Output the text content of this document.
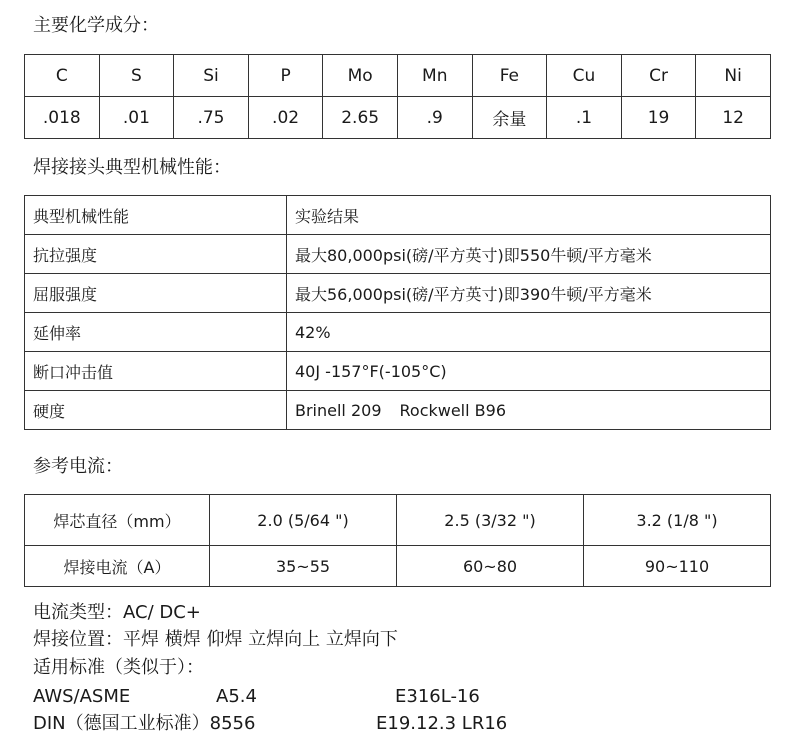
主要化学成分：
C	S	Si	P	Mo	Mn	Fe	Cu	Cr	Ni
.018	.01	.75	.02	2.65	.9	余量	.1	19	12
焊接接头典型机械性能：
典型机械性能	实验结果
抗拉强度	最大80,000psi(磅/平方英寸)即550牛顿/平方毫米
屈服强度	最大56,000psi(磅/平方英寸)即390牛顿/平方毫米
延伸率	42%
断口冲击值	40J -157°F(-105°C)
硬度	Brinell 209 Rockwell B96
参考电流：
焊芯直径（mm）	2.0 (5/64 ")	2.5 (3/32 ")	3.2 (1/8 ")
焊接电流（A）	35~55	60~80	90~110
电流类型：AC/ DC+
焊接位置：平焊 横焊 仰焊 立焊向上 立焊向下
适用标准（类似于）：
AWS/ASME	A5.4	E316L-16
DIN（德国工业标准）8556	E19.12.3 LR16
